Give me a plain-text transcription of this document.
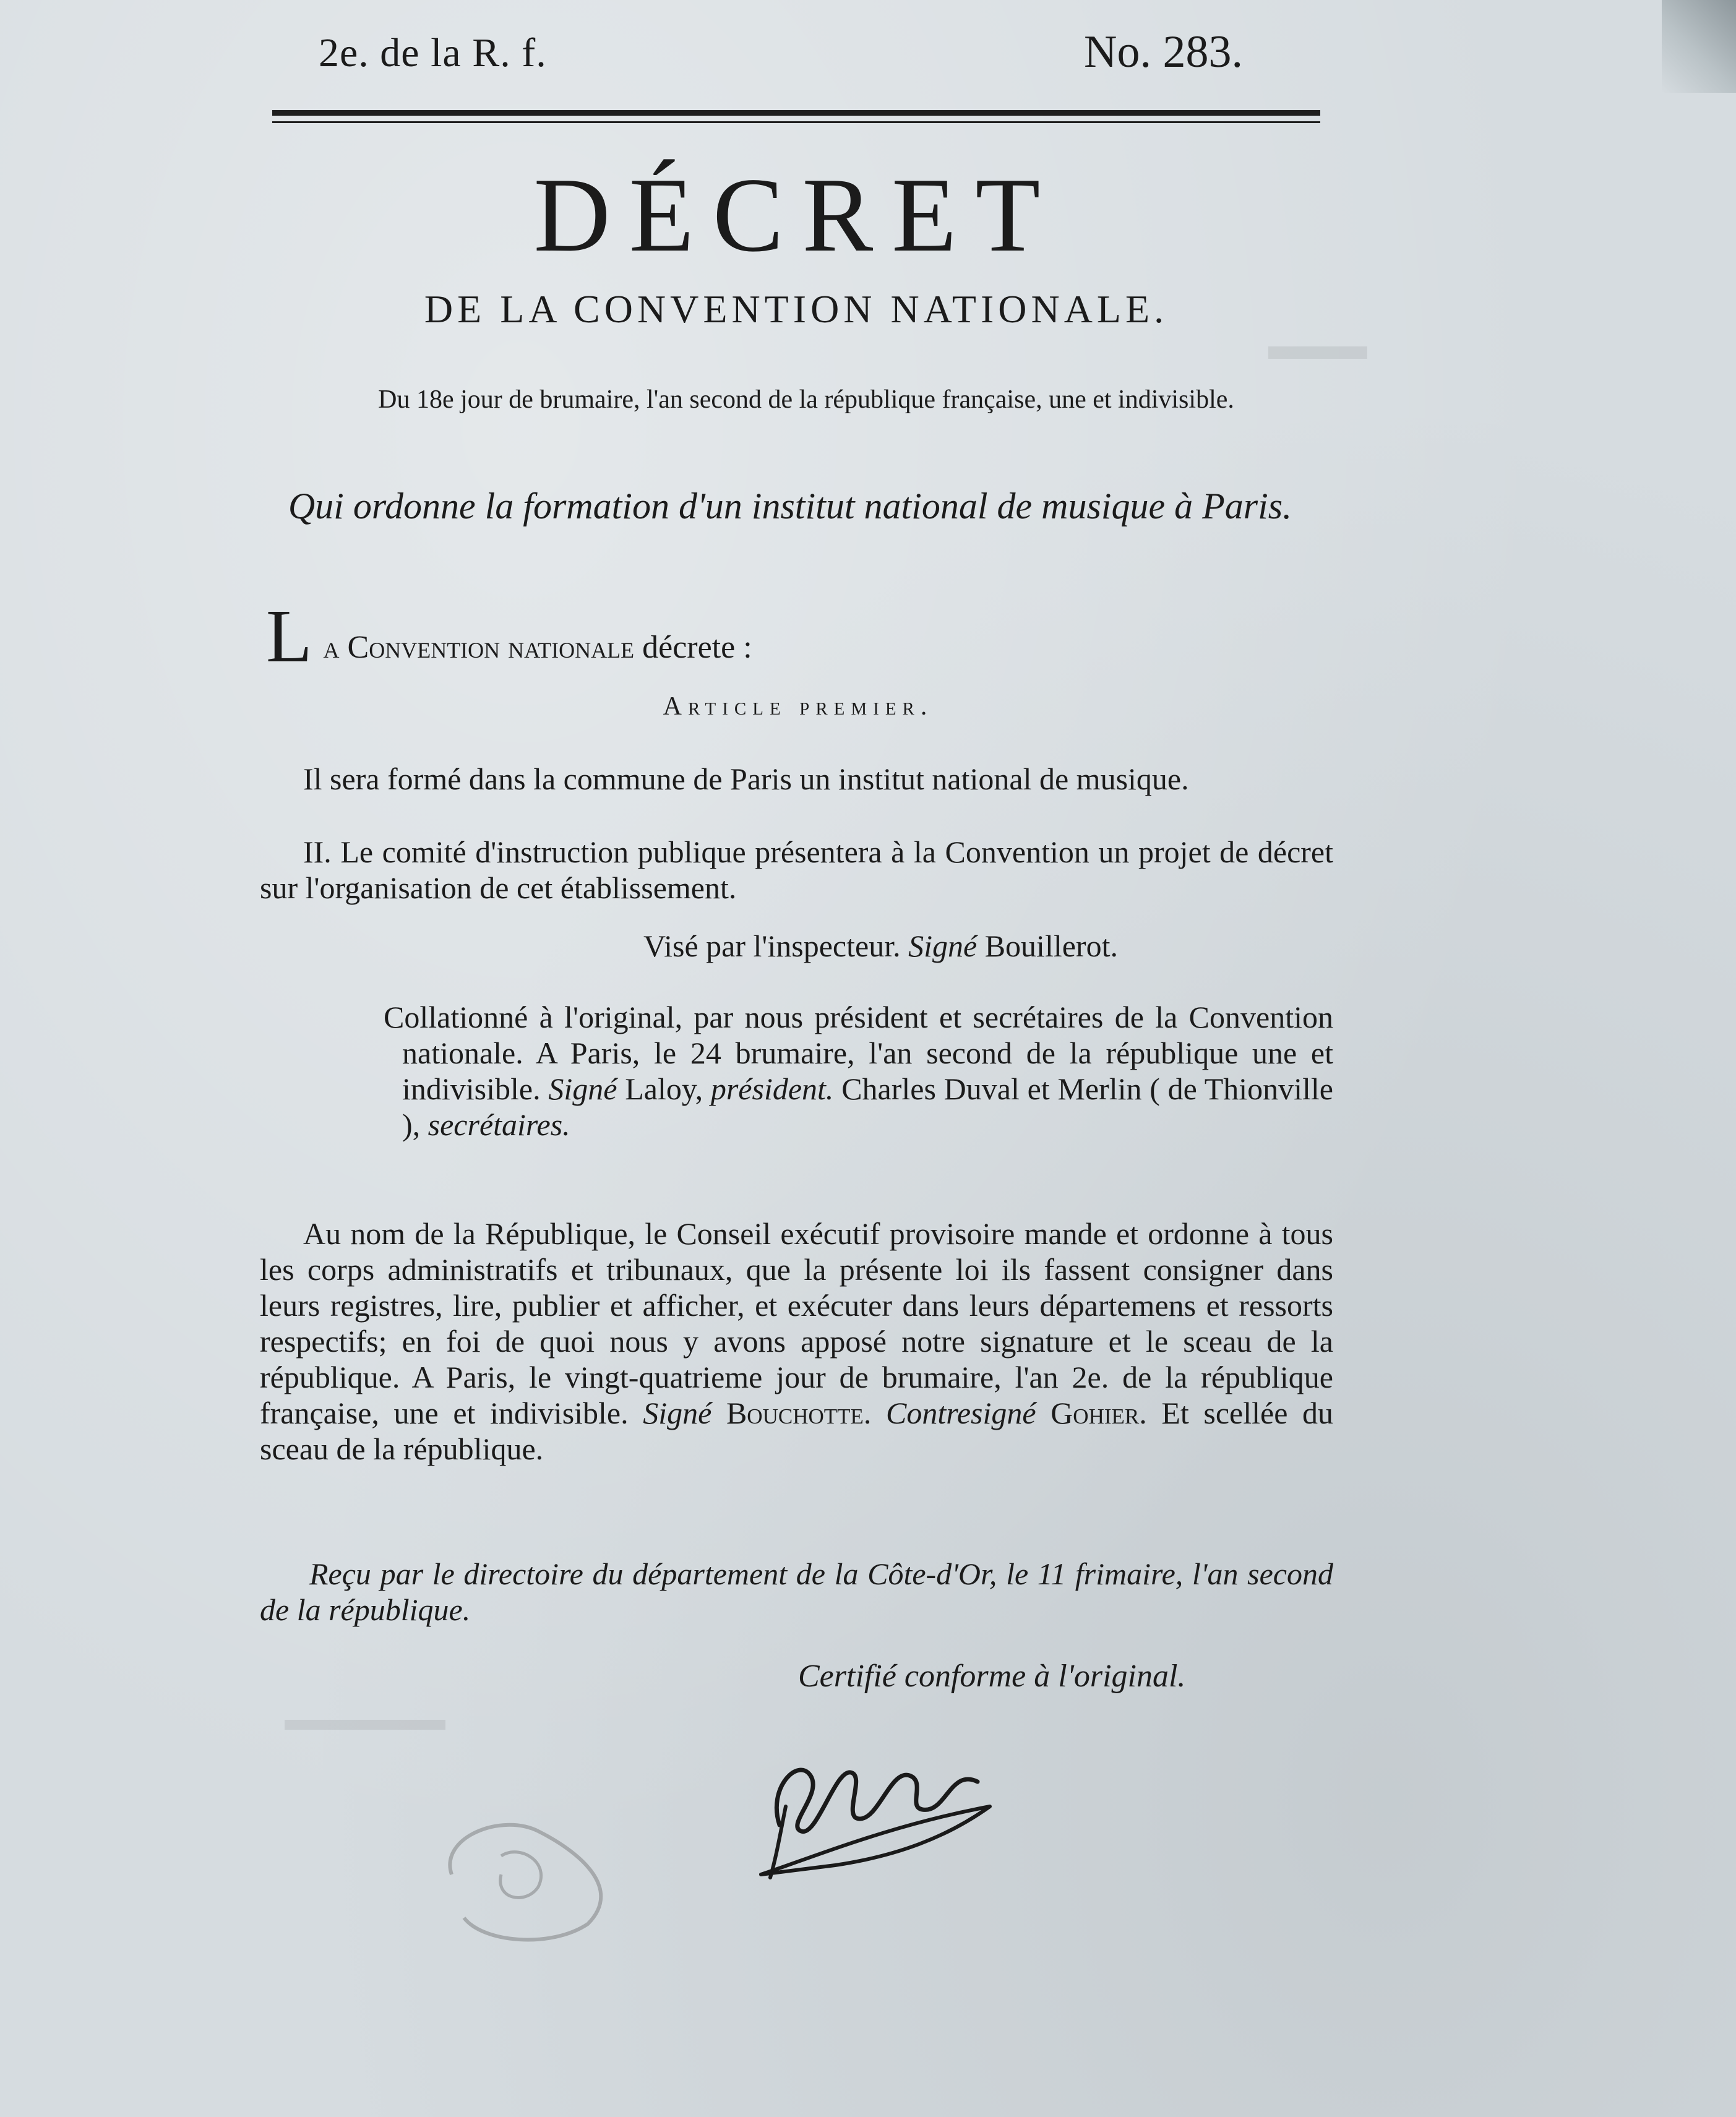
2e. de la R. f.	No. 283.
DÉCRET
DE LA CONVENTION NATIONALE.
Du 18e jour de brumaire, l'an second de la république française, une et indivisible.
Qui ordonne la formation d'un institut national de musique à Paris.
La Convention nationale décrete :
Article premier.
Il sera formé dans la commune de Paris un institut national de musique.
II. Le comité d'instruction publique présentera à la Convention un projet de décret sur l'organisation de cet établissement.
Visé par l'inspecteur. Signé Bouillerot.
Collationné à l'original, par nous président et secrétaires de la Convention nationale. A Paris, le 24 brumaire, l'an second de la république une et indivisible. Signé Laloy, président. Charles Duval et Merlin ( de Thionville ), secrétaires.
Au nom de la République, le Conseil exécutif provisoire mande et ordonne à tous les corps administratifs et tribunaux, que la présente loi ils fassent consigner dans leurs registres, lire, publier et afficher, et exécuter dans leurs départemens et ressorts respectifs; en foi de quoi nous y avons apposé notre signature et le sceau de la république. A Paris, le vingt-quatrieme jour de brumaire, l'an 2e. de la république française, une et indivisible. Signé Bouchotte. Contresigné Gohier. Et scellée du sceau de la république.
Reçu par le directoire du département de la Côte-d'Or, le 11 frimaire, l'an second de la république.
Certifié conforme à l'original.
